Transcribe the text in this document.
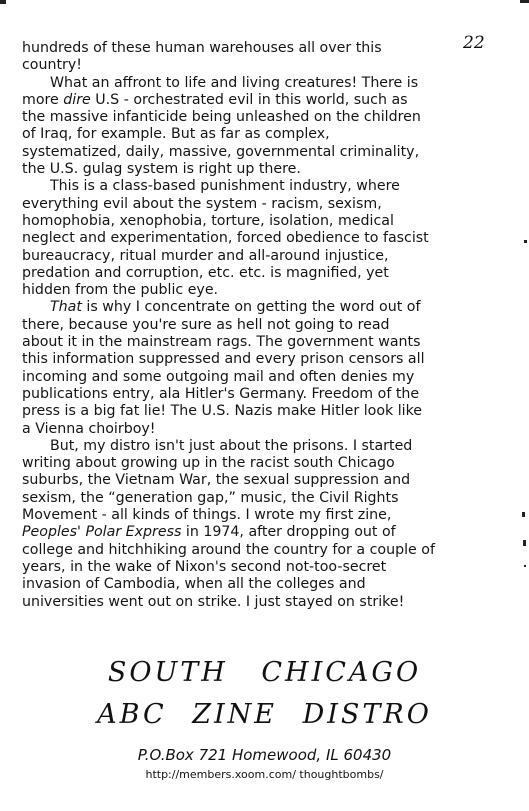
22
hundreds of these human warehouses all over this
country!
What an affront to life and living creatures! There is
more dire U.S - orchestrated evil in this world, such as
the massive infanticide being unleashed on the children
of Iraq, for example. But as far as complex,
systematized, daily, massive, governmental criminality,
the U.S. gulag system is right up there.
This is a class-based punishment industry, where
everything evil about the system - racism, sexism,
homophobia, xenophobia, torture, isolation, medical
neglect and experimentation, forced obedience to fascist
bureaucracy, ritual murder and all-around injustice,
predation and corruption, etc. etc. is magnified, yet
hidden from the public eye.
That is why I concentrate on getting the word out of
there, because you're sure as hell not going to read
about it in the mainstream rags. The government wants
this information suppressed and every prison censors all
incoming and some outgoing mail and often denies my
publications entry, ala Hitler's Germany. Freedom of the
press is a big fat lie! The U.S. Nazis make Hitler look like
a Vienna choirboy!
But, my distro isn't just about the prisons. I started
writing about growing up in the racist south Chicago
suburbs, the Vietnam War, the sexual suppression and
sexism, the “generation gap,” music, the Civil Rights
Movement - all kinds of things. I wrote my first zine,
Peoples' Polar Express in 1974, after dropping out of
college and hitchhiking around the country for a couple of
years, in the wake of Nixon's second not-too-secret
invasion of Cambodia, when all the colleges and
universities went out on strike. I just stayed on strike!
SOUTH CHICAGO
ABC ZINE DISTRO
P.O.Box 721 Homewood, IL 60430
http://members.xoom.com/ thoughtbombs/
